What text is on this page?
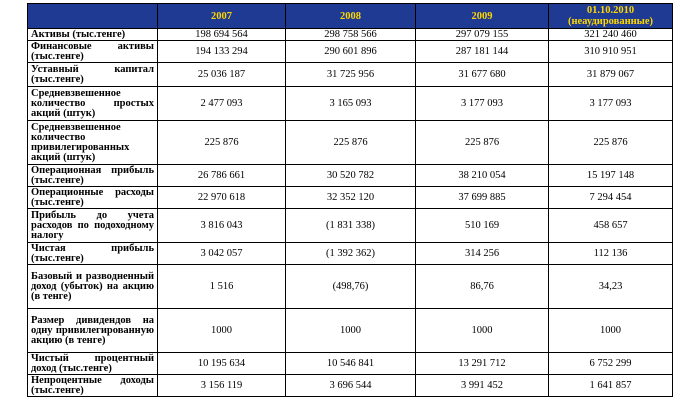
	2007	2008	2009	01.10.2010
(неаудированные)

Активы (тыс.тенге)	198 694 564	298 758 566	297 079 155	321 240 460
Финансовые активы (тыс.тенге)	194 133 294	290 601 896	287 181 144	310 910 951
Уставный капитал (тыс.тенге)	25 036 187	31 725 956	31 677 680	31 879 067
Средневзвешенное количество простых акций (штук)	2 477 093	3 165 093	3 177 093	3 177 093
Средневзвешенное количество привилегированных акций (штук)	225 876	225 876	225 876	225 876
Операционная прибыль (тыс.тенге)	26 786 661	30 520 782	38 210 054	15 197 148
Операционные расходы (тыс.тенге)	22 970 618	32 352 120	37 699 885	7 294 454
Прибыль до учета расходов по подоходному налогу	3 816 043	(1 831 338)	510 169	458 657
Чистая прибыль (тыс.тенге)	3 042 057	(1 392 362)	314 256	112 136
Базовый и разводненный доход (убыток) на акцию (в тенге)	1 516	(498,76)	86,76	34,23
Размер дивидендов на одну привилегированную акцию (в тенге)	1000	1000	1000	1000
Чистый процентный доход (тыс.тенге)	10 195 634	10 546 841	13 291 712	6 752 299
Непроцентные доходы (тыс.тенге)	3 156 119	3 696 544	3 991 452	1 641 857
